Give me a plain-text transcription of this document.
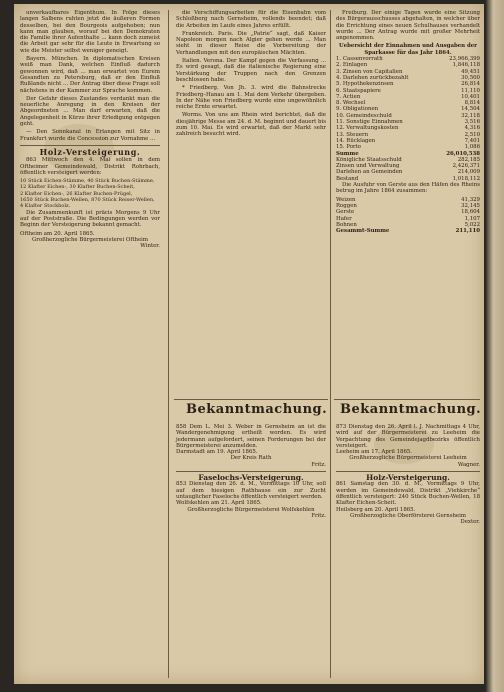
unverkaufbares Eigenthum. In Folge dieses langen Salbens ruhten jetzt die äußeren Formen desselben, bei den Bourgeois aufgehoben; nun kann man glauben, worauf bei den Demokraten die Familie ihrer Aufenthalte ... kann doch zumeist die Arbeit gar sehr für die Leute in Erwartung so wie die Meister selbst weniger geneigt.

Bayern. München. In diplomatischen Kreisen weiß man Dank, welchen Einfluß dadurch gewonnen wird, daß ... man erwartet von Eurem Gesandten zu Petersburg, daß er den Einfluß Rußlands nicht ... Der Antrag über diese Frage soll nächstens in der Kammer zur Sprache kommen.

Der Gefahr dieses Zustandes verdankt man die neuerliche Anregung in den Kreisen der Abgeordneten ... Man darf erwarten, daß die Angelegenheit in Kürze ihrer Erledigung entgegen geht.

— Den Sonnkanal in Erlangen mit Sitz in Frankfurt wurde die Concession zur Vornahme ...

Holz-Versteigerung.

863 Mittwoch den 4. Mai sollen in dem Oftheimer Gemeindewald, Distrikt Rohrbach, öffentlich versteigert werden:

10 Stück Eichen-Stämme, 40 Stück Buchen-Stämme,
12 Klafter Eichen-, 30 Klafter Buchen-Scheit,
2 Klafter Eichen-, 26 Klafter Buchen-Prügel,
1650 Stück Buchen-Wellen, 870 Stück Reiser-Wellen,
4 Klafter Stockholz.

Die Zusammenkunft ist präcis Morgens 9 Uhr auf der Poststraße. Die Bedingungen werden vor Beginn der Versteigerung bekannt gemacht.

Oftheim am 20. April 1865.
Großherzogliche Bürgermeisterei Oftheim
Winter.

die Verschiffungsarbeiten für die Eisenbahn vom Schloßberg nach Gernsheim, vollends beendet; daß die Arbeiten im Laufe eines Jahres erfüllt.

Frankreich. Paris. Die „Patrie“ sagt, daß Kaiser Napoleon morgen nach Algier gehen werde ... Man sieht in dieser Reise die Vorbereitung der Verhandlungen mit den europäischen Mächten.

Italien. Verona. Der Kampf gegen die Verfassung ... Es wird gesagt, daß die italienische Regierung eine Verstärkung der Truppen nach den Grenzen beschlossen habe.

* Friedberg. Von Jh. 3. wird die Bahnstrecke Friedberg–Hanau am 1. Mai dem Verkehr übergeben. In der Nähe von Friedberg wurde eine ungewöhnlich reiche Ernte erwartet.

Worms. Von uns am Rhein wird berichtet, daß die diesjährige Messe am 24. d. M. beginnt und dauert bis zum 10. Mai. Es wird erwartet, daß der Markt sehr zahlreich besucht wird.

Bekanntmachung.

858 Dem L. Mei 3. Weber in Gernsheim an ist die Wandergenehmigung ertheilt worden. Es wird jedermann aufgefordert, seinen Forderungen bei der Bürgermeisterei anzumelden.

Darmstadt am 19. April 1865.
Der Kreis Rath
Fritz.
Faselochs-Versteigerung.

853 Dienstag den 26. d. M., Vormittags 10 Uhr, soll auf dem hiesigen Rathhause ein zur Zucht untauglicher Faselochs öffentlich versteigert werden.

Wolfskehlen am 21. April 1865.
Großherzogliche Bürgermeisterei Wolfskehlen
Fritz.

Freiburg. Der einige Tagen wurde eine Sitzung des Bürgerausschusses abgehalten, in welcher über die Errichtung eines neuen Schulhauses verhandelt wurde ... Der Antrag wurde mit großer Mehrheit angenommen.

Uebersicht der Einnahmen und Ausgaben der Sparkasse für das Jahr 1864.
1. Cassenvorrath	23,966,399
2. Einlagen	1,846,118
3. Zinsen von Capitalien	49,451
4. Darlehen zurückbezahlt	30,500
5. Hypothekenzinsen	26,814
6. Staatspapiere	11,110
7. Actien	10,401
8. Wechsel	8,814
9. Obligationen	14,504
10. Gemeindeschuld	32,118
11. Sonstige Einnahmen	3,516
12. Verwaltungskosten	4,316
13. Steuern	2,510
14. Rücklagen	7,401
15. Porto	1,086
Summe	26,010,538
Königliche Staatsschuld	282,185
Zinsen und Verwaltung	2,426,371
Darlehen an Gemeinden	214,009
Bestand	1,018,112

Die Ausfuhr von Gerste aus den Häfen des Rheins betrug im Jahre 1864 zusammen:

Weizen	41,329
Roggen	32,145
Gerste	18,604
Hafer	1,107
Bohnen	5,022
Gesammt-Summe	211,110
Bekanntmachung.

873 Dienstag den 26. April l. J. Nachmittags 4 Uhr, wird auf der Bürgermeisterei zu Leeheim die Verpachtung des Gemeindejagdbezirks öffentlich versteigert.

Leeheim am 17. April 1865.
Großherzogliche Bürgermeisterei Leeheim
Wagner.
Holz-Versteigerung.

861 Samstag den 30. d. M., Vormittags 9 Uhr, werden im Gemeindewald, Distrikt „Viehkirche“ öffentlich versteigert: 240 Stück Buchen-Wellen, 18 Klafter Eichen-Scheit.

Heilsberg am 20. April 1865.
Großherzogliche Oberförsterei Gernsheim
Dexter.
